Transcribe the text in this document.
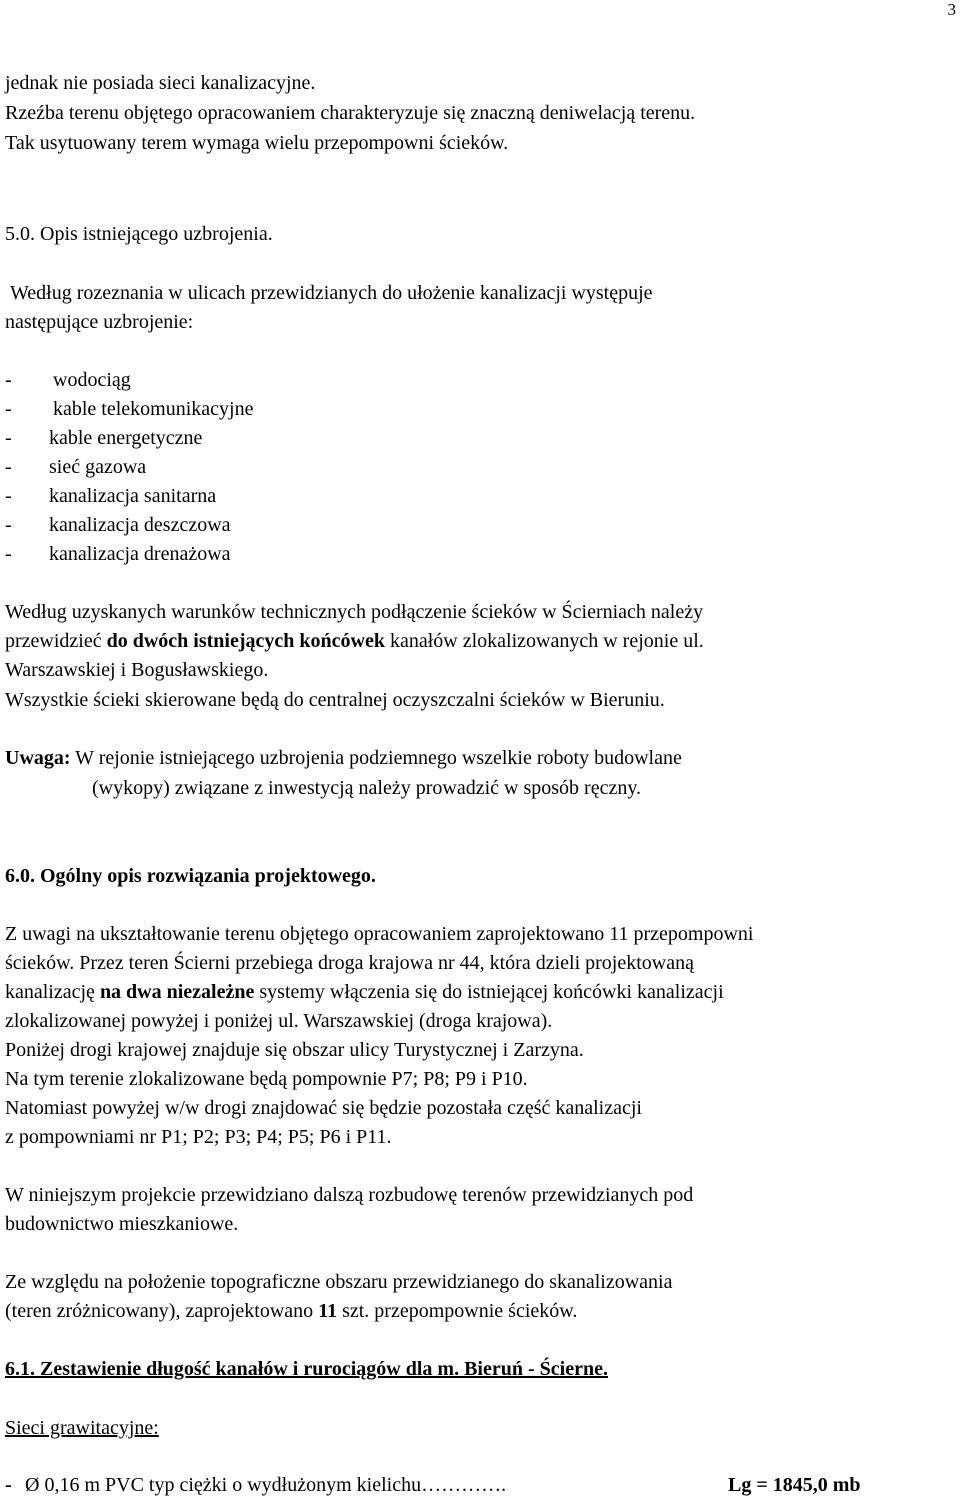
3
jednak nie posiada sieci kanalizacyjne.
Rzeźba terenu objętego opracowaniem charakteryzuje się znaczną deniwelacją terenu.
Tak usytuowany terem wymaga wielu przepompowni ścieków.
5.0. Opis istniejącego uzbrojenia.
Według rozeznania w ulicach przewidzianych do ułożenie kanalizacji występuje
następujące uzbrojenie:
- wodociąg
- kable telekomunikacyjne
- kable energetyczne
- sieć gazowa
- kanalizacja sanitarna
- kanalizacja deszczowa
- kanalizacja drenażowa
Według uzyskanych warunków technicznych podłączenie ścieków w Ścierniach należy
przewidzieć do dwóch istniejących końcówek kanałów zlokalizowanych w rejonie ul.
Warszawskiej i Bogusławskiego.
Wszystkie ścieki skierowane będą do centralnej oczyszczalni ścieków w Bieruniu.
Uwaga: W rejonie istniejącego uzbrojenia podziemnego wszelkie roboty budowlane
(wykopy) związane z inwestycją należy prowadzić w sposób ręczny.
6.0. Ogólny opis rozwiązania projektowego.
Z uwagi na ukształtowanie terenu objętego opracowaniem zaprojektowano 11 przepompowni
ścieków. Przez teren Ścierni przebiega droga krajowa nr 44, która dzieli projektowaną
kanalizację na dwa niezależne systemy włączenia się do istniejącej końcówki kanalizacji
zlokalizowanej powyżej i poniżej ul. Warszawskiej (droga krajowa).
Poniżej drogi krajowej znajduje się obszar ulicy Turystycznej i Zarzyna.
Na tym terenie zlokalizowane będą pompownie P7; P8; P9 i P10.
Natomiast powyżej w/w drogi znajdować się będzie pozostała część kanalizacji
z pompowniami nr P1; P2; P3; P4; P5; P6 i P11.
W niniejszym projekcie przewidziano dalszą rozbudowę terenów przewidzianych pod
budownictwo mieszkaniowe.
Ze względu na położenie topograficzne obszaru przewidzianego do skanalizowania
(teren zróżnicowany), zaprojektowano 11 szt. przepompownie ścieków.
6.1. Zestawienie długość kanałów i rurociągów dla m. Bieruń - Ścierne.
Sieci grawitacyjne:
- Ø 0,16 m PVC typ ciężki o wydłużonym kielichu………….	Lg = 1845,0 mb
